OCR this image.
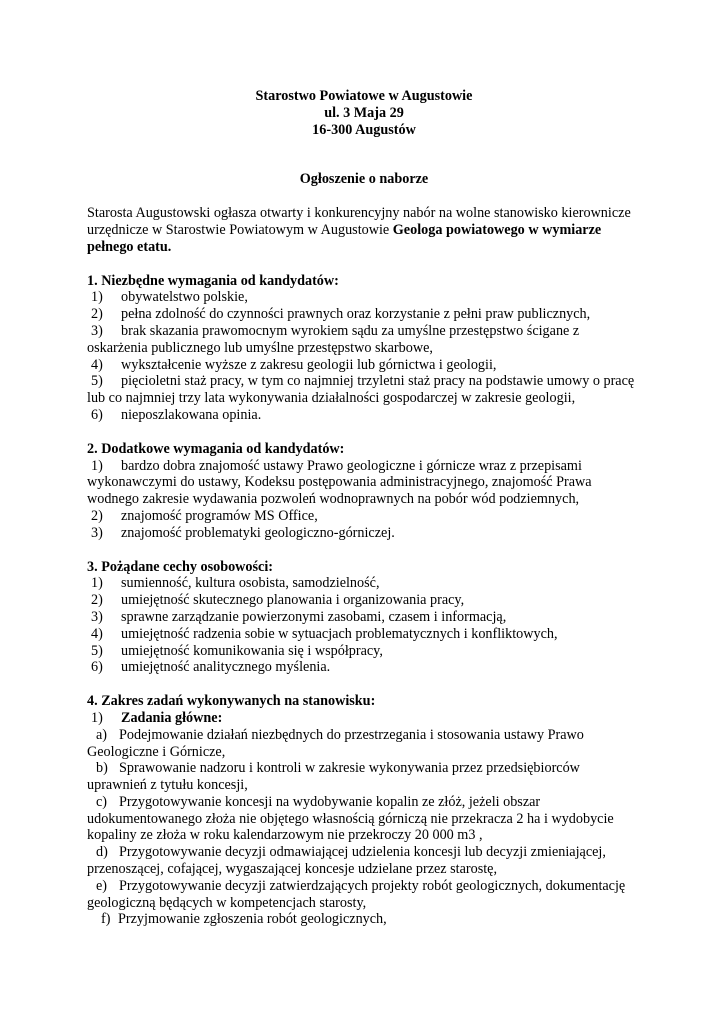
Starostwo Powiatowe w Augustowie
ul. 3 Maja 29
16-300 Augustów
Ogłoszenie o naborze
Starosta Augustowski ogłasza otwarty i konkurencyjny nabór na wolne stanowisko kierownicze urzędnicze w Starostwie Powiatowym w Augustowie Geologa powiatowego w wymiarze pełnego etatu.
1. Niezbędne wymagania od kandydatów:
1) obywatelstwo polskie,
2) pełna zdolność do czynności prawnych oraz korzystanie z pełni praw publicznych,
3) brak skazania prawomocnym wyrokiem sądu za umyślne przestępstwo ścigane z oskarżenia publicznego lub umyślne przestępstwo skarbowe,
4) wykształcenie wyższe z zakresu geologii lub górnictwa i geologii,
5) pięcioletni staż pracy, w tym co najmniej trzyletni staż pracy na podstawie umowy o pracę lub co najmniej trzy lata wykonywania działalności gospodarczej w zakresie geologii,
6) nieposzlakowana opinia.
2. Dodatkowe wymagania od kandydatów:
1) bardzo dobra znajomość ustawy Prawo geologiczne i górnicze wraz z przepisami wykonawczymi do ustawy, Kodeksu postępowania administracyjnego, znajomość Prawa wodnego zakresie wydawania pozwoleń wodnoprawnych na pobór wód podziemnych,
2) znajomość programów MS Office,
3) znajomość problematyki geologiczno-górniczej.
3. Pożądane cechy osobowości:
1) sumienność, kultura osobista, samodzielność,
2) umiejętność skutecznego planowania i organizowania pracy,
3) sprawne zarządzanie powierzonymi zasobami, czasem i informacją,
4) umiejętność radzenia sobie w sytuacjach problematycznych i konfliktowych,
5) umiejętność komunikowania się i współpracy,
6) umiejętność analitycznego myślenia.
4. Zakres zadań wykonywanych na stanowisku:
1) Zadania główne:
a) Podejmowanie działań niezbędnych do przestrzegania i stosowania ustawy Prawo Geologiczne i Górnicze,
b) Sprawowanie nadzoru i kontroli w zakresie wykonywania przez przedsiębiorców uprawnień z tytułu koncesji,
c) Przygotowywanie koncesji na wydobywanie kopalin ze złóż, jeżeli obszar udokumentowanego złoża nie objętego własnością górniczą nie przekracza 2 ha i wydobycie kopaliny ze złoża w roku kalendarzowym nie przekroczy 20 000 m3 ,
d) Przygotowywanie decyzji odmawiającej udzielenia koncesji lub decyzji zmieniającej, przenoszącej, cofającej, wygaszającej koncesje udzielane przez starostę,
e) Przygotowywanie decyzji zatwierdzających projekty robót geologicznych, dokumentację geologiczną będących w kompetencjach starosty,
f) Przyjmowanie zgłoszenia robót geologicznych,
